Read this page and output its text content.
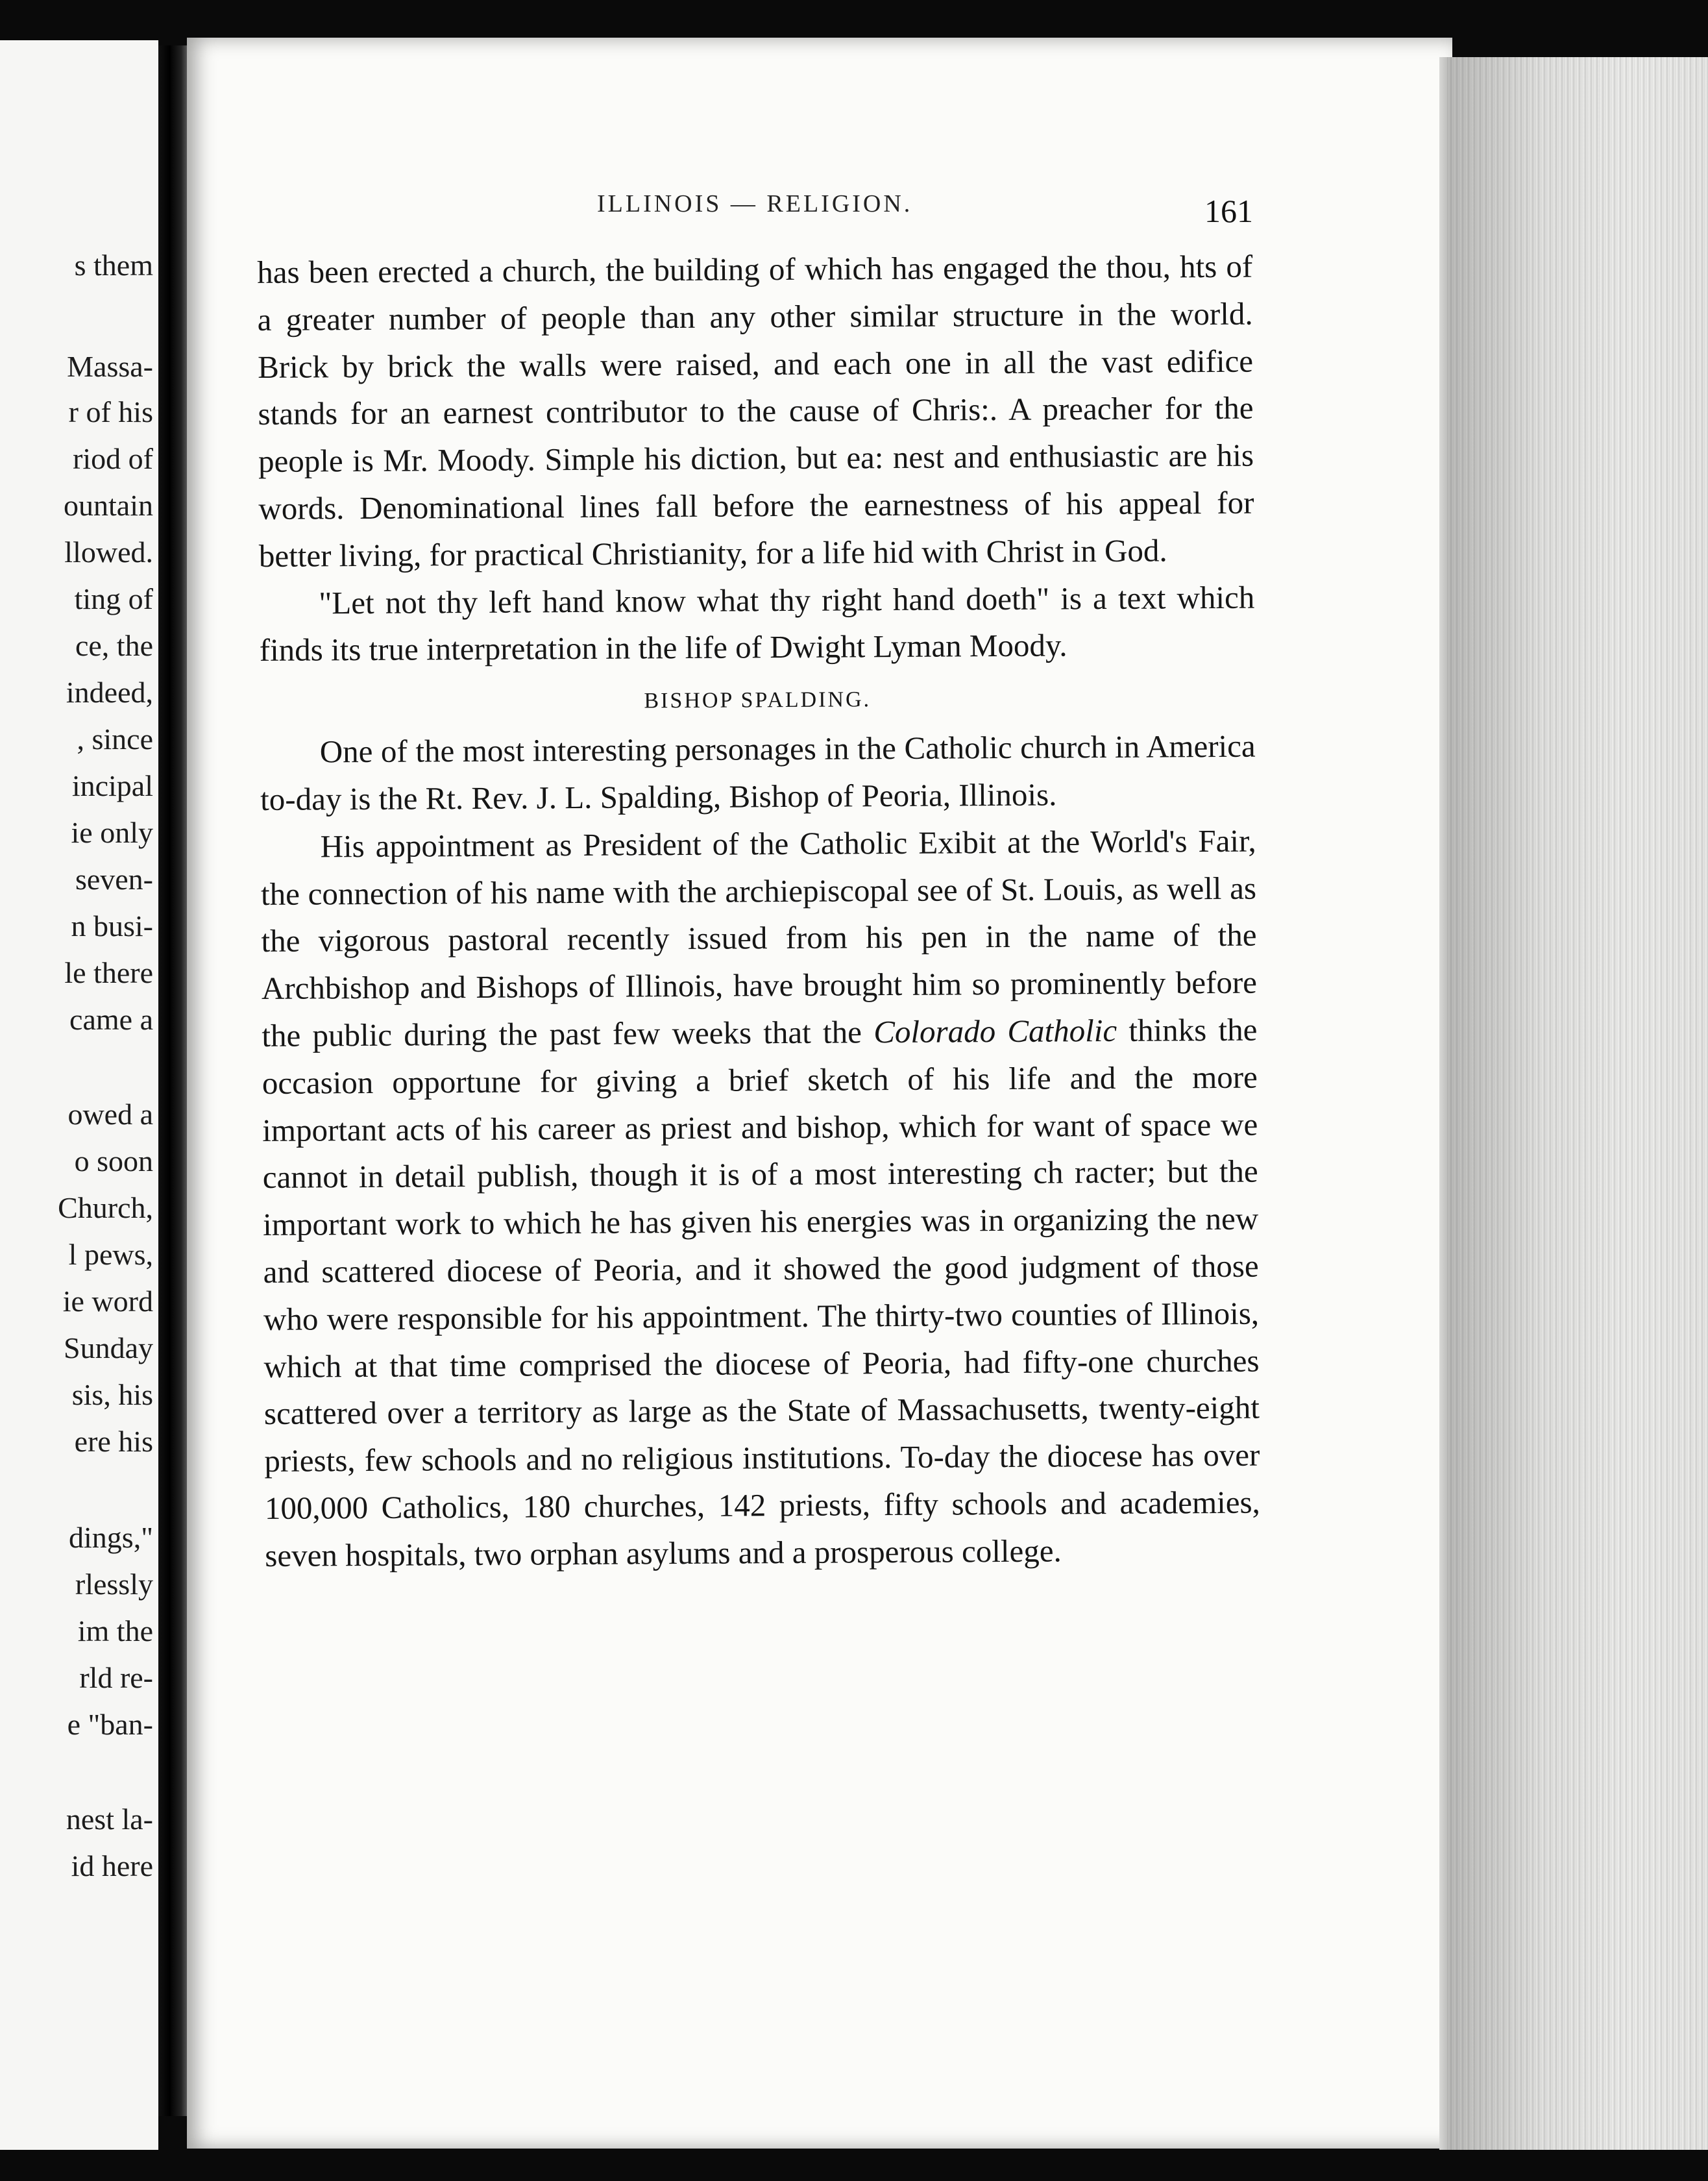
s them
Massa-
r of his
riod of
ountain
llowed.
ting of
ce, the
indeed,
, since
incipal
ie only
seven-
n busi-
le there
came a
owed a
o soon
Church,
l pews,
ie word
Sunday
sis, his
ere his
dings,"
rlessly
im the
rld re-
e "ban-
nest la-
id here
ILLINOIS — RELIGION.	161

has been erected a church, the building of which has engaged the thou, hts of a greater number of people than any other similar structure in the world. Brick by brick the walls were raised, and each one in all the vast edifice stands for an earnest contributor to the cause of Chris:. A preacher for the people is Mr. Moody. Simple his diction, but ea: nest and enthusiastic are his words. Denominational lines fall before the earnestness of his appeal for better living, for practical Christianity, for a life hid with Christ in God.

"Let not thy left hand know what thy right hand doeth" is a text which finds its true interpretation in the life of Dwight Lyman Moody.

BISHOP SPALDING.

One of the most interesting personages in the Catholic church in America to-day is the Rt. Rev. J. L. Spalding, Bishop of Peoria, Illinois.

His appointment as President of the Catholic Exibit at the World's Fair, the connection of his name with the archiepiscopal see of St. Louis, as well as the vigorous pastoral recently issued from his pen in the name of the Archbishop and Bishops of Illinois, have brought him so prominently before the public during the past few weeks that the Colorado Catholic thinks the occasion opportune for giving a brief sketch of his life and the more important acts of his career as priest and bishop, which for want of space we cannot in detail publish, though it is of a most interesting ch racter; but the important work to which he has given his energies was in organizing the new and scattered diocese of Peoria, and it showed the good judgment of those who were responsible for his appointment. The thirty-two counties of Illinois, which at that time comprised the diocese of Peoria, had fifty-one churches scattered over a territory as large as the State of Massachusetts, twenty-eight priests, few schools and no religious institutions. To-day the diocese has over 100,000 Catholics, 180 churches, 142 priests, fifty schools and academies, seven hospitals, two orphan asylums and a prosperous college.
